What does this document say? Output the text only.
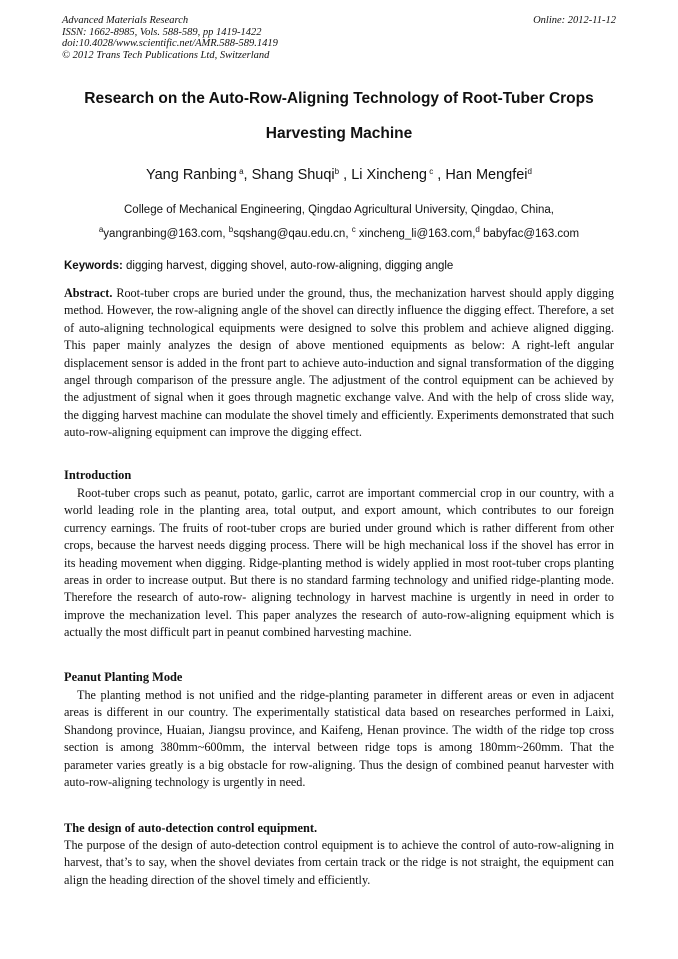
Advanced Materials Research
ISSN: 1662-8985, Vols. 588-589, pp 1419-1422
doi:10.4028/www.scientific.net/AMR.588-589.1419
© 2012 Trans Tech Publications Ltd, Switzerland
Online: 2012-11-12
Research on the Auto-Row-Aligning Technology of Root-Tuber Crops
Harvesting Machine
Yang Ranbing $^a$, Shang Shuqi$^b$ , Li Xincheng $^c$ , Han Mengfei$^d$
College of Mechanical Engineering, Qingdao Agricultural University, Qingdao, China,
$^a$yangranbing@163.com, $^b$sqshang@qau.edu.cn, $^c$ xincheng_li@163.com,$^d$ babyfac@163.com
Keywords: digging harvest, digging shovel, auto-row-aligning, digging angle
Abstract. Root-tuber crops are buried under the ground, thus, the mechanization harvest should apply digging method. However, the row-aligning angle of the shovel can directly influence the digging effect. Therefore, a set of auto-aligning technological equipments were designed to solve this problem and achieve aligned digging. This paper mainly analyzes the design of above mentioned equipments as below: A right-left angular displacement sensor is added in the front part to achieve auto-induction and signal transformation of the digging angel through comparison of the pressure angle. The adjustment of the control equipment can be achieved by the adjustment of signal when it goes through magnetic exchange valve. And with the help of cross slide way, the digging harvest machine can modulate the shovel timely and efficiently. Experiments demonstrated that such auto-row-aligning equipment can improve the digging effect.
Introduction
Root-tuber crops such as peanut, potato, garlic, carrot are important commercial crop in our country, with a world leading role in the planting area, total output, and export amount, which contributes to our foreign currency earnings. The fruits of root-tuber crops are buried under ground which is rather different from other crops, because the harvest needs digging process. There will be high mechanical loss if the shovel has error in its heading movement when digging. Ridge-planting method is widely applied in most root-tuber crops planting areas in order to increase output. But there is no standard farming technology and unified ridge-planting mode. Therefore the research of auto-row- aligning technology in harvest machine is urgently in need in order to improve the mechanization level. This paper analyzes the research of auto-row-aligning equipment which is actually the most difficult part in peanut combined harvesting machine.
Peanut Planting Mode
The planting method is not unified and the ridge-planting parameter in different areas or even in adjacent areas is different in our country. The experimentally statistical data based on researches performed in Laixi, Shandong province, Huaian, Jiangsu province, and Kaifeng, Henan province. The width of the ridge top cross section is among 380mm~600mm, the interval between ridge tops is among 180mm~260mm. That the parameter varies greatly is a big obstacle for row-aligning. Thus the design of combined peanut harvester with auto-row-aligning technology is urgently in need.
The design of auto-detection control equipment.
The purpose of the design of auto-detection control equipment is to achieve the control of auto-row-aligning in harvest, that’s to say, when the shovel deviates from certain track or the ridge is not straight, the equipment can align the heading direction of the shovel timely and efficiently.
